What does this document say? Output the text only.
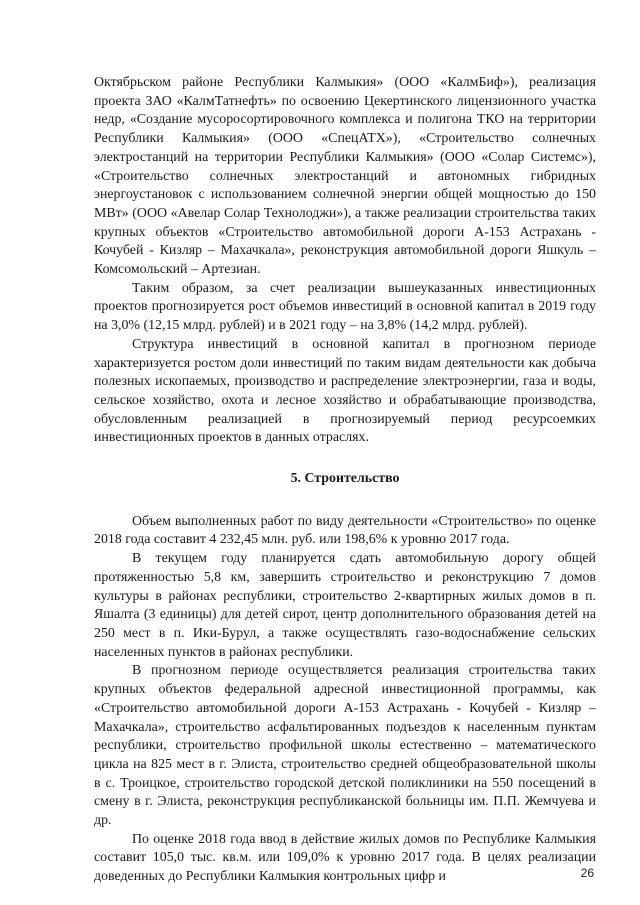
Октябрьском районе Республики Калмыкия» (ООО «КалмБиф»), реализация проекта ЗАО «КалмТатнефть» по освоению Цекертинского лицензионного участка недр, «Создание мусоросортировочного комплекса и полигона ТКО на территории Республики Калмыкия» (ООО «СпецАТХ»), «Строительство солнечных электростанций на территории Республики Калмыкия» (ООО «Солар Системс»), «Строительство солнечных электростанций и автономных гибридных энергоустановок с использованием солнечной энергии общей мощностью до 150 МВт» (ООО «Авелар Солар Технолоджи»), а также реализации строительства таких крупных объектов «Строительство автомобильной дороги А-153 Астрахань - Кочубей - Кизляр – Махачкала», реконструкция автомобильной дороги Яшкуль – Комсомольский – Артезиан.

Таким образом, за счет реализации вышеуказанных инвестиционных проектов прогнозируется рост объемов инвестиций в основной капитал в 2019 году на 3,0% (12,15 млрд. рублей) и в 2021 году – на 3,8% (14,2 млрд. рублей).

Структура инвестиций в основной капитал в прогнозном периоде характеризуется ростом доли инвестиций по таким видам деятельности как добыча полезных ископаемых, производство и распределение электроэнергии, газа и воды, сельское хозяйство, охота и лесное хозяйство и обрабатывающие производства, обусловленным реализацией в прогнозируемый период ресурсоемких инвестиционных проектов в данных отраслях.

5. Строительство

Объем выполненных работ по виду деятельности «Строительство» по оценке 2018 года составит 4 232,45 млн. руб. или 198,6% к уровню 2017 года.

В текущем году планируется сдать автомобильную дорогу общей протяженностью 5,8 км, завершить строительство и реконструкцию 7 домов культуры в районах республики, строительство 2-квартирных жилых домов в п. Яшалта (3 единицы) для детей сирот, центр дополнительного образования детей на 250 мест в п. Ики-Бурул, а также осуществлять газо-водоснабжение сельских населенных пунктов в районах республики.

В прогнозном периоде осуществляется реализация строительства таких крупных объектов федеральной адресной инвестиционной программы, как «Строительство автомобильной дороги А-153 Астрахань - Кочубей - Кизляр – Махачкала», строительство асфальтированных подъездов к населенным пунктам республики, строительство профильной школы естественно – математического цикла на 825 мест в г. Элиста, строительство средней общеобразовательной школы в с. Троицкое, строительство городской детской поликлиники на 550 посещений в смену в г. Элиста, реконструкция республиканской больницы им. П.П. Жемчуева и др.

По оценке 2018 года ввод в действие жилых домов по Республике Калмыкия составит 105,0 тыс. кв.м. или 109,0% к уровню 2017 года. В целях реализации доведенных до Республики Калмыкия контрольных цифр и	26
